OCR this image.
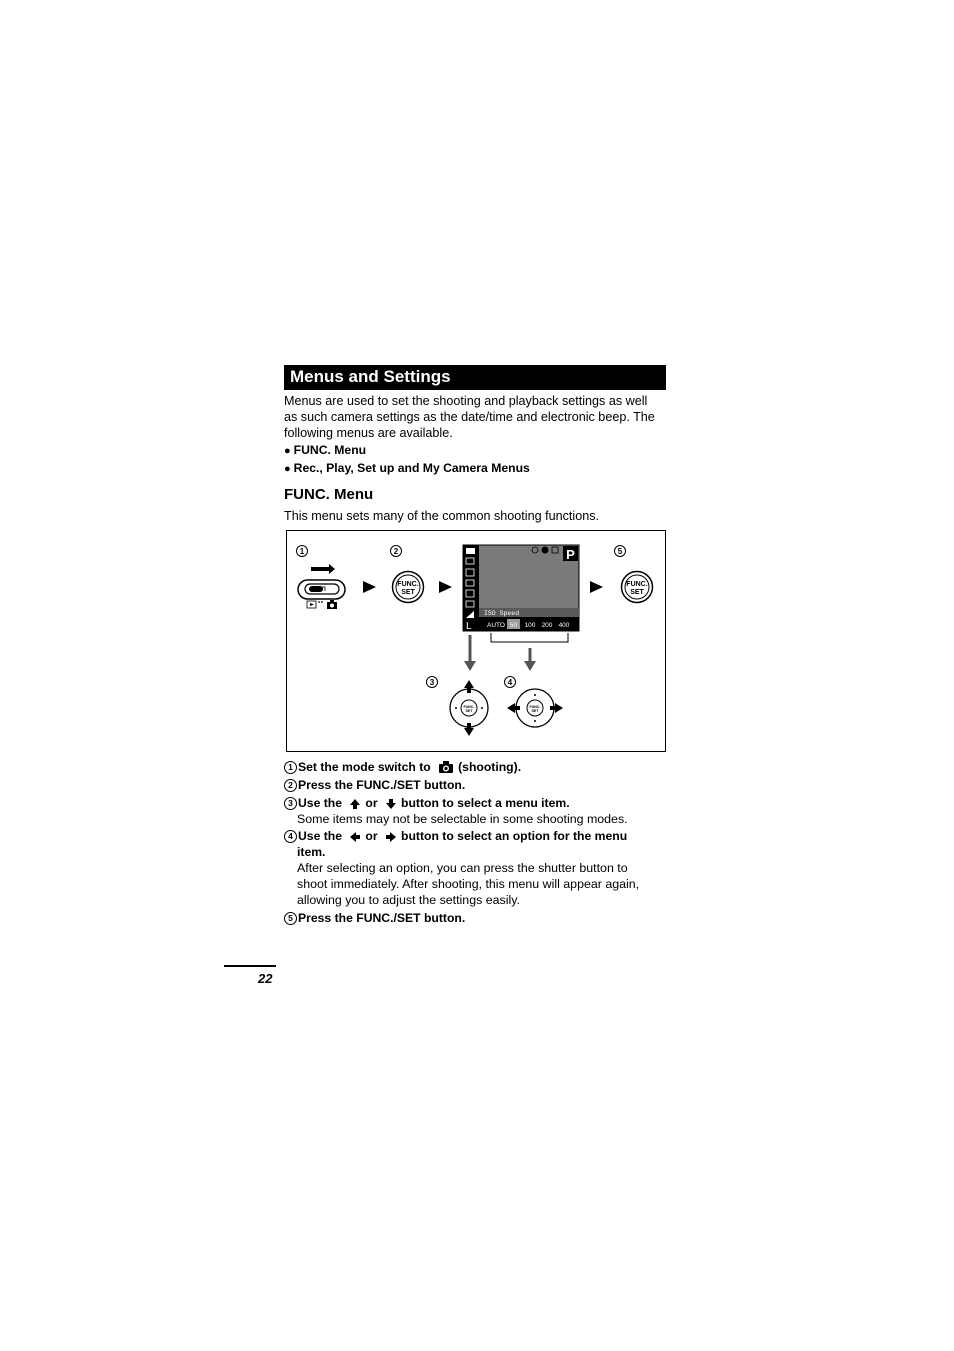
Menus and Settings
Menus are used to set the shooting and playback settings as well
as such camera settings as the date/time and electronic beep. The
following menus are available.
● FUNC. Menu
● Rec., Play, Set up and My Camera Menus
FUNC. Menu
This menu sets many of the common shooting functions.
1	2	5
3	4
FUNC.
SET
FUNC.
SET
L
P
ISO Speed
AUTO 50 100 200 400
FUNC.
SET
FUNC.
SET
1 Set the mode switch to (shooting).
2 Press the FUNC./SET button.
3 Use the or button to select a menu item.
Some items may not be selectable in some shooting modes.
4 Use the or button to select an option for the menu
item.
After selecting an option, you can press the shutter button to
shoot immediately. After shooting, this menu will appear again,
allowing you to adjust the settings easily.
5 Press the FUNC./SET button.
22
